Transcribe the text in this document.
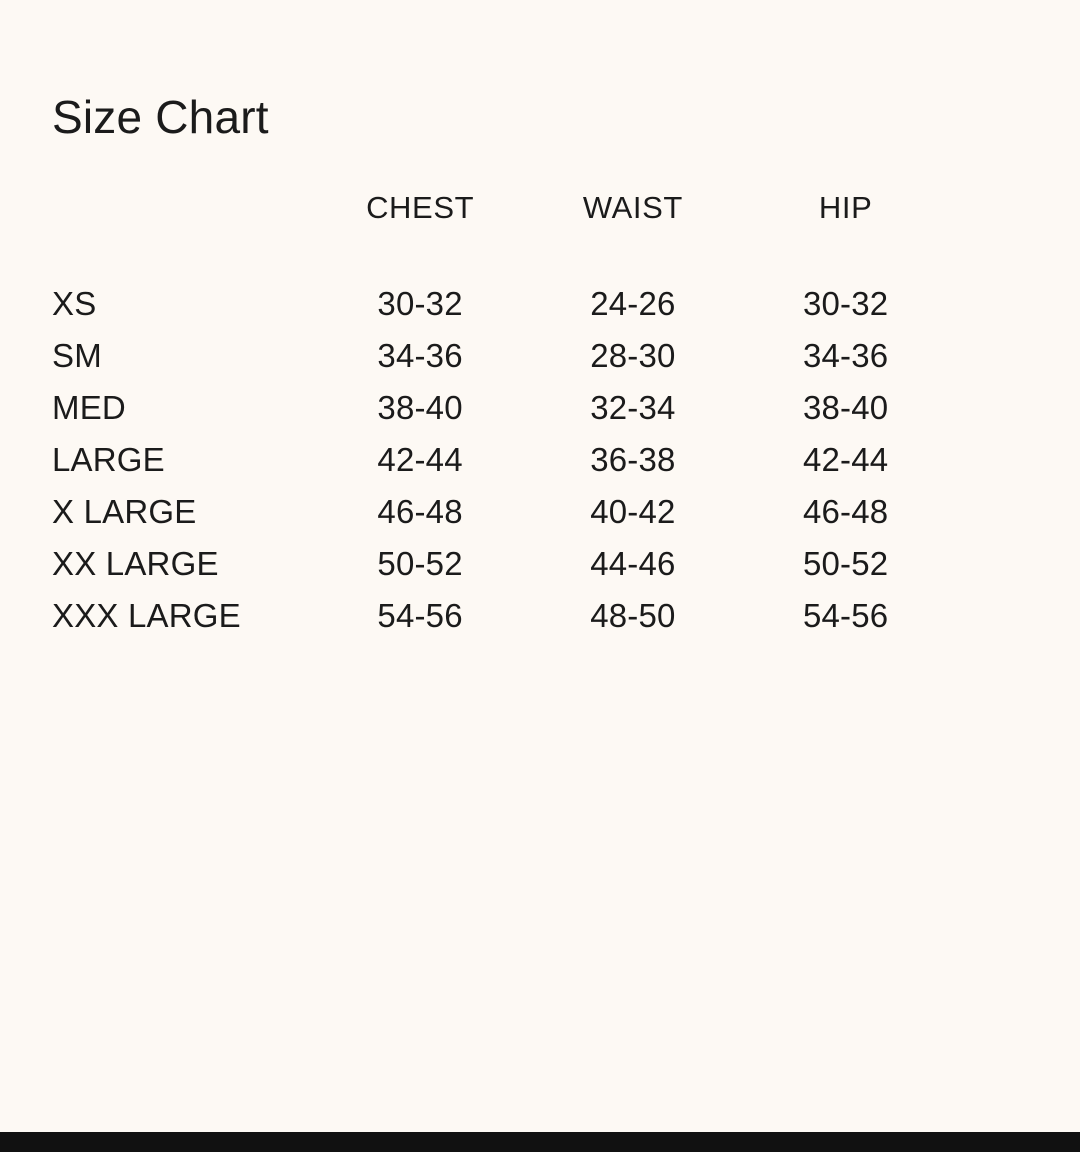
Size Chart
	CHEST	WAIST	HIP
XS	30-32	24-26	30-32
SM	34-36	28-30	34-36
MED	38-40	32-34	38-40
LARGE	42-44	36-38	42-44
X LARGE	46-48	40-42	46-48
XX LARGE	50-52	44-46	50-52
XXX LARGE	54-56	48-50	54-56
